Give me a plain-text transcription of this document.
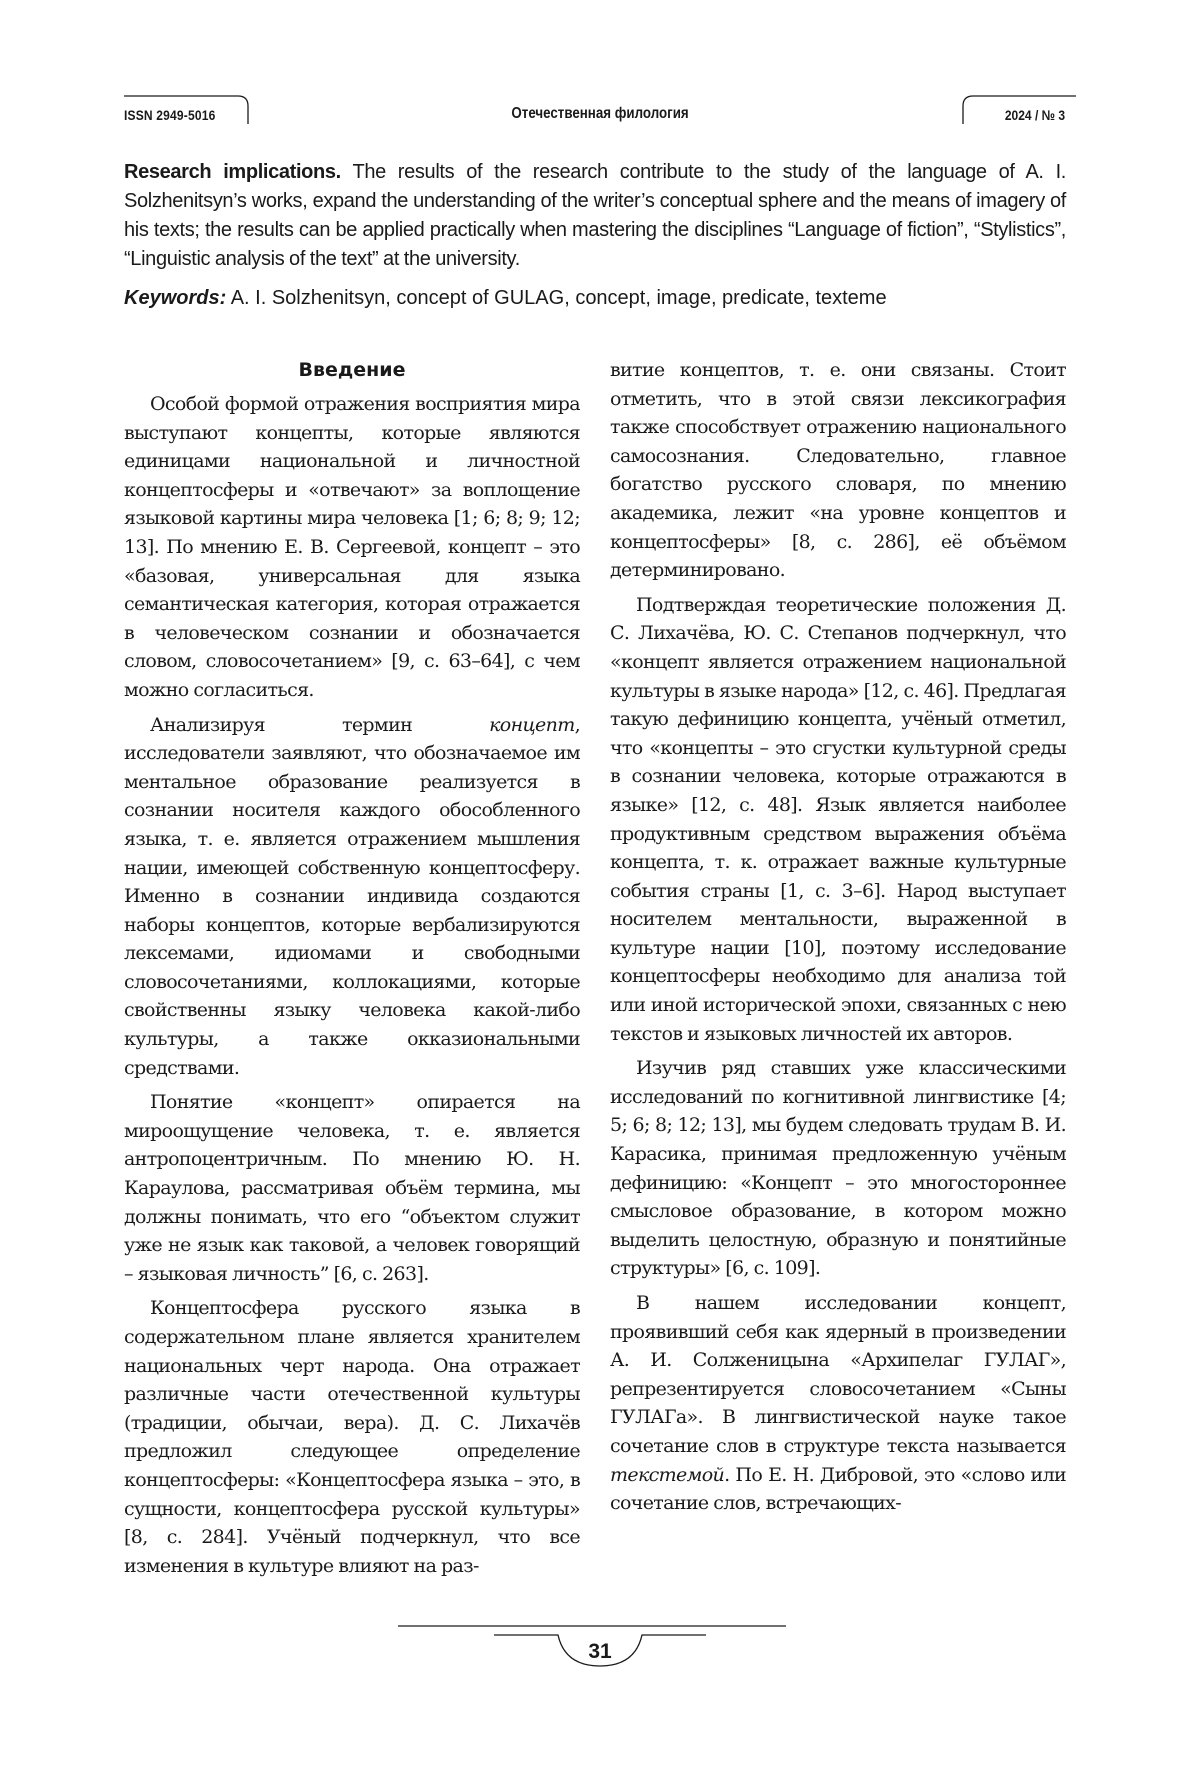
ISSN 2949-5016	Отечественная филология	2024 / № 3

Research implications. The results of the research contribute to the study of the language of A. I. Solzhenitsyn’s works, expand the understanding of the writer’s conceptual sphere and the means of imagery of his texts; the results can be applied practically when mastering the disciplines “Language of fiction”, “Stylistics”, “Linguistic analysis of the text” at the university.

Keywords: A. I. Solzhenitsyn, concept of GULAG, concept, image, predicate, texteme

Введение

Особой формой отражения восприятия мира выступают концепты, которые являются единицами национальной и личностной концептосферы и «отвечают» за воплощение языковой картины мира человека [1; 6; 8; 9; 12; 13]. По мнению Е. В. Сергеевой, концепт – это «базовая, универсальная для языка семантическая категория, которая отражается в человеческом сознании и обозначается словом, словосочетанием» [9, с. 63–64], с чем можно согласиться.

Анализируя термин концепт, исследователи заявляют, что обозначаемое им ментальное образование реализуется в сознании носителя каждого обособленного языка, т. е. является отражением мышления нации, имеющей собственную концептосферу. Именно в сознании индивида создаются наборы концептов, которые вербализируются лексемами, идиомами и свободными словосочетаниями, коллокациями, которые свойственны языку человека какой-либо культуры, а также окказиональными средствами.

Понятие «концепт» опирается на мироощущение человека, т. е. является антропоцентричным. По мнению Ю. Н. Караулова, рассматривая объём термина, мы должны понимать, что его “объектом служит уже не язык как таковой, а человек говорящий – языковая личность” [6, с. 263].

Концептосфера русского языка в содержательном плане является хранителем национальных черт народа. Она отражает различные части отечественной культуры (традиции, обычаи, вера). Д. С. Лихачёв предложил следующее определение концептосферы: «Концептосфера языка – это, в сущности, концептосфера русской культуры» [8, с. 284]. Учёный подчеркнул, что все изменения в культуре влияют на раз-

витие концептов, т. е. они связаны. Стоит отметить, что в этой связи лексикография также способствует отражению национального самосознания. Следовательно, главное богатство русского словаря, по мнению академика, лежит «на уровне концептов и концептосферы» [8, с. 286], её объёмом детерминировано.

Подтверждая теоретические положения Д. С. Лихачёва, Ю. С. Степанов подчеркнул, что «концепт является отражением национальной культуры в языке народа» [12, с. 46]. Предлагая такую дефиницию концепта, учёный отметил, что «концепты – это сгустки культурной среды в сознании человека, которые отражаются в языке» [12, с. 48]. Язык является наиболее продуктивным средством выражения объёма концепта, т. к. отражает важные культурные события страны [1, с. 3–6]. Народ выступает носителем ментальности, выраженной в культуре нации [10], поэтому исследование концептосферы необходимо для анализа той или иной исторической эпохи, связанных с нею текстов и языковых личностей их авторов.

Изучив ряд ставших уже классическими исследований по когнитивной лингвистике [4; 5; 6; 8; 12; 13], мы будем следовать трудам В. И. Карасика, принимая предложенную учёным дефиницию: «Концепт – это многостороннее смысловое образование, в котором можно выделить целостную, образную и понятийные структуры» [6, с. 109].

В нашем исследовании концепт, проявивший себя как ядерный в произведении А. И. Солженицына «Архипелаг ГУЛАГ», репрезентируется словосочетанием «Сыны ГУЛАГа». В лингвистической науке такое сочетание слов в структуре текста называется текстемой. По Е. Н. Дибровой, это «слово или сочетание слов, встречающих-

31
